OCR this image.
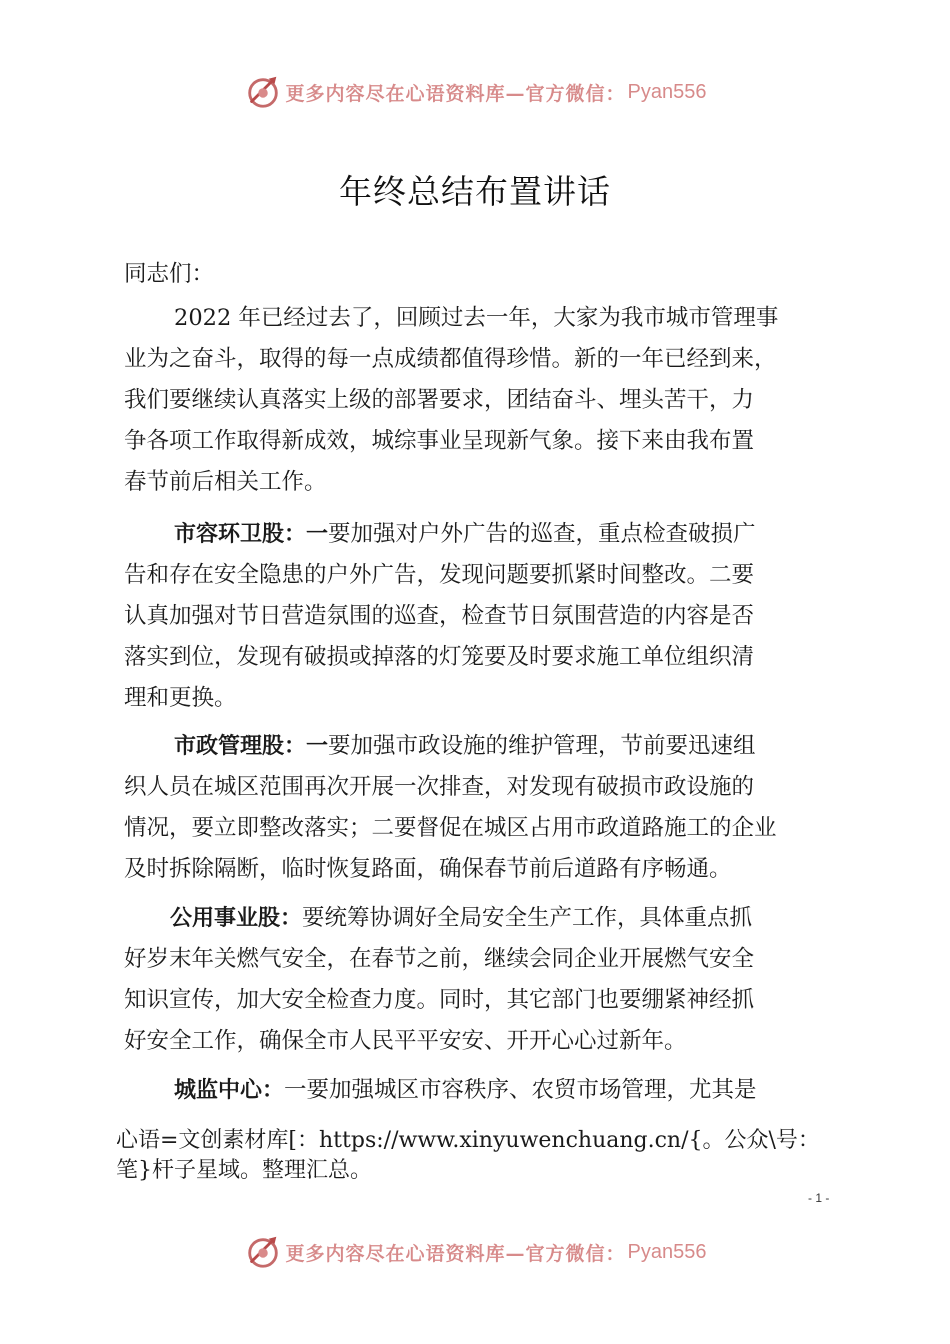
更多内容尽在心语资料库—官方微信： Pyan556
年终总结布置讲话
同志们：
2022 年已经过去了，回顾过去一年，大家为我市城市管理事
业为之奋斗，取得的每一点成绩都值得珍惜。新的一年已经到来，
我们要继续认真落实上级的部署要求，团结奋斗、埋头苦干，力
争各项工作取得新成效，城综事业呈现新气象。接下来由我布置
春节前后相关工作。
市容环卫股：一要加强对户外广告的巡查，重点检查破损广
告和存在安全隐患的户外广告，发现问题要抓紧时间整改。二要
认真加强对节日营造氛围的巡查，检查节日氛围营造的内容是否
落实到位，发现有破损或掉落的灯笼要及时要求施工单位组织清
理和更换。
市政管理股：一要加强市政设施的维护管理，节前要迅速组
织人员在城区范围再次开展一次排查，对发现有破损市政设施的
情况，要立即整改落实；二要督促在城区占用市政道路施工的企业
及时拆除隔断，临时恢复路面，确保春节前后道路有序畅通。
公用事业股：要统筹协调好全局安全生产工作，具体重点抓
好岁末年关燃气安全，在春节之前，继续会同企业开展燃气安全
知识宣传，加大安全检查力度。同时，其它部门也要绷紧神经抓
好安全工作，确保全市人民平平安安、开开心心过新年。
城监中心：一要加强城区市容秩序、农贸市场管理，尤其是
心语=文创素材库[：https://www.xinyuwenchuang.cn/{。公众\号：
笔}杆子星域。整理汇总。
- 1 -
更多内容尽在心语资料库—官方微信： Pyan556
